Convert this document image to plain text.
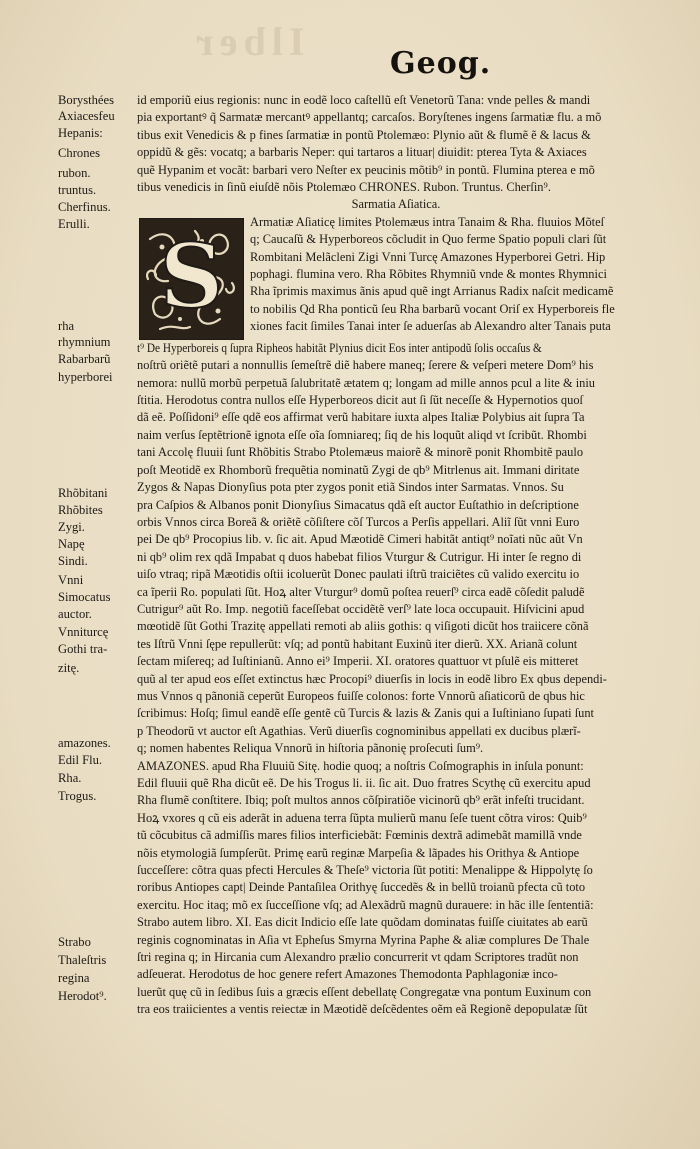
Ilber	Geog.
Borysthées
Axiacesfeu
Hepanis:
Chrones
rubon.
truntus.
Cherfinus.
Erulli.
rha
rhymnium
Rabarbarũ
hyperborei
Rhõbitani
Rhõbites
Zygi.
Napę
Sindi.
Vnni
Simocatus
auctor.
Vnniturcę
Gothi tra-
zitę.
amazones.
Edil Flu.
Rha.
Trogus.
Strabo
Thaleſtris
regina
Herodot⁹.

id emporiũ eius regionis: nunc in eodẽ loco caſtellũ eſt Venetorũ Tana: vnde pelles & mandi
pia exportantꝰ q̃ Sarmatæ mercantꝰ appellantq; carcaſos. Boryſtenes ingens ſarmatiæ flu. a mõ
tibus exit Venedicis & p fines ſarmatiæ in pontũ Ptolemæo: Plynio aũt & flumẽ ẽ & lacus &
oppidũ & gẽs: vocatq; a barbaris Neper: qui tartaros a lituar| diuidit: pterea Tyta & Axiaces
quẽ Hypanim et vocãt: barbari vero Neſter ex peucinis mõtib⁹ in pontũ. Flumina pterea e mõ
tibus venedicis in ſinũ eiuſdẽ nõis Ptolemæo CHRONES. Rubon. Truntus. Cherſin⁹.

Sarmatia Aſiatica.
S

Armatiæ Aſiaticę limites Ptolemæus intra Tanaim & Rha. fluuios Mõteſ
q; Caucaſũ & Hyperboreos cõcludit in Quo ferme Spatio populi clari ſũt
Rombitani Melãcleni Zigi Vnni Turcę Amazones Hyperborei Getri. Hip
pophagi. flumina vero. Rha Rõbites Rhymniũ vnde & montes Rhymnici
Rha ĩprimis maximus ãnis apud quẽ ingt Arrianus Radix naſcit medicamẽ
to nobilis Qd Rha ponticũ ſeu Rha barbarũ vocant Oriſ ex Hyperboreis fle
xiones facit ſimiles Tanai inter ſe aduerſas ab Alexandro alter Tanais puta
t⁹ De Hyperboreis q ſupra Ripheos habitãt Plynius dicit Eos inter antipodũ ſolis occaſus &
noſtrũ oriẽtẽ putari a nonnullis ſemeſtrẽ diẽ habere maneq; ſerere & veſperi metere Dom⁹ his
nemora: nullũ morbũ perpetuã ſalubritatẽ ætatem q; longam ad mille annos pcul a lite & iniu
ſtitia. Herodotus contra nullos eſſe Hyperboreos dicit aut ſi ſũt neceſſe & Hypernotios quoſ
dã eẽ. Poſſidoni⁹ eſſe qdẽ eos affirmat verũ habitare iuxta alpes Italiæ Polybius ait ſupra Ta
naim verſus ſeptẽtrionẽ ignota eſſe oĩa ſomniareq; ſiq de his loquũt aliqd vt ſcribũt. Rhombi
tani Accolę fluuii ſunt Rhõbitis Strabo Ptolemæus maiorẽ & minorẽ ponit Rhombitẽ paulo
poſt Meotidẽ ex Rhomborũ frequẽtia nominatũ Zygi de qb⁹ Mitrlenus ait. Immani diritate
Zygos & Napas Dionyſius pota pter zygos ponit etiã Sindos inter Sarmatas. Vnnos. Su
pra Caſpios & Albanos ponit Dionyſius Simacatus qdã eſt auctor Euſtathio in deſcriptione
orbis Vnnos circa Boreã & oriẽtẽ cõſiſtere cõſ Turcos a Perſis appellari. Aliĩ ſũt vnni Euro
pei De qb⁹ Procopius lib. v. ſic ait. Apud Mæotidẽ Cimeri habitãt antiqt⁹ noĩati nũc aũt Vn
ni qb⁹ olim rex qdã Impabat q duos habebat filios Vturgur & Cutrigur. Hi inter ſe regno di
uiſo vtraq; ripã Mæotidis oſtii icoluerũt Donec paulati iſtrũ traiciẽtes cũ valido exercitu io
ca ĩperii Ro. populati ſũt. Hoꝝ alter Vturgur⁹ domũ poſtea reuerſ⁹ circa eadẽ cõſedit paludẽ
Cutrigur⁹ aũt Ro. Imp. negotiũ faceſſebat occidẽtẽ verſ⁹ late loca occupauit. Hiſvicini apud
mœotidẽ ſũt Gothi Trazitę appellati remoti ab aliis gothis: q viſigoti dicũt hos traiicere cõnã
tes Iſtrũ Vnni ſępe repullerũt: vſq; ad pontũ habitant Euxinũ iter dierũ. XX. Arianã colunt
ſectam miſereq; ad Iuſtinianũ. Anno ei⁹ Imperii. XI. oratores quattuor vt pſulẽ eis mitteret
quũ al ter apud eos eſſet extinctus hæc Procopi⁹ diuerſis in locis in eodẽ libro Ex qbus dependi-
mus Vnnos q pãnoniã ceperũt Europeos fuiſſe colonos: forte Vnnorũ aſiaticorũ de qbus hic
ſcribimus: Hoſq; ſimul eandẽ eſſe gentẽ cũ Turcis & lazis & Zanis qui a Iuſtiniano ſupati ſunt
p Theodorũ vt auctor eſt Agathias. Verũ diuerſis cognominibus appellati ex ducibus plærĩ-
q; nomen habentes Reliqua Vnnorũ in hiſtoria pãnonię proſecuti ſum⁹.

AMAZONES. apud Rha Fluuiũ Sitę. hodie quoq; a noſtris Coſmographis in inſula ponunt:
Edil fluuii quẽ Rha dicũt eẽ. De his Trogus li. ii. ſic ait. Duo fratres Scythę cũ exercitu apud
Rha flumẽ conſtitere. Ibiq; poſt multos annos cõſpiratiõe vicinorũ qb⁹ erãt infeſti trucidant.
Hoꝝ vxores q cũ eis aderãt in aduena terra ſũpta mulierũ manu ſeſe tuent cõtra viros: Quib⁹
tũ cõcubitus cã admiſſis mares filios interficiebãt: Fœminis dextrã adimebãt mamillã vnde
nõis etymologiã ſumpſerũt. Primę earũ reginæ Marpeſia & lãpades his Orithya & Antiope
ſucceſſere: cõtra quas pfecti Hercules & Theſe⁹ victoria ſũt potiti: Menalippe & Hippolytę ſo
roribus Antiopes capt| Deinde Pantaſilea Orithyę ſuccedẽs & in bellũ troianũ pfecta cũ toto
exercitu. Hoc itaq; mõ ex ſucceſſione vſq; ad Alexãdrũ magnũ durauere: in hãc ille ſententiã:
Strabo autem libro. XI. Eas dicit Indicio eſſe late quõdam dominatas fuiſſe ciuitates ab earũ
reginis cognominatas in Aſia vt Epheſus Smyrna Myrina Paphe & aliæ complures De Thale
ſtri regina q; in Hircania cum Alexandro prælio concurrerit vt qdam Scriptores tradũt non
adſeuerat. Herodotus de hoc genere refert Amazones Themodonta Paphlagoniæ inco-
luerũt quę cũ in ſedibus ſuis a græcis eſſent debellatę Congregatæ vna pontum Euxinum con
tra eos traiicientes a ventis reiectæ in Mæotidẽ deſcẽdentes oẽm eã Regionẽ depopulatæ ſũt
